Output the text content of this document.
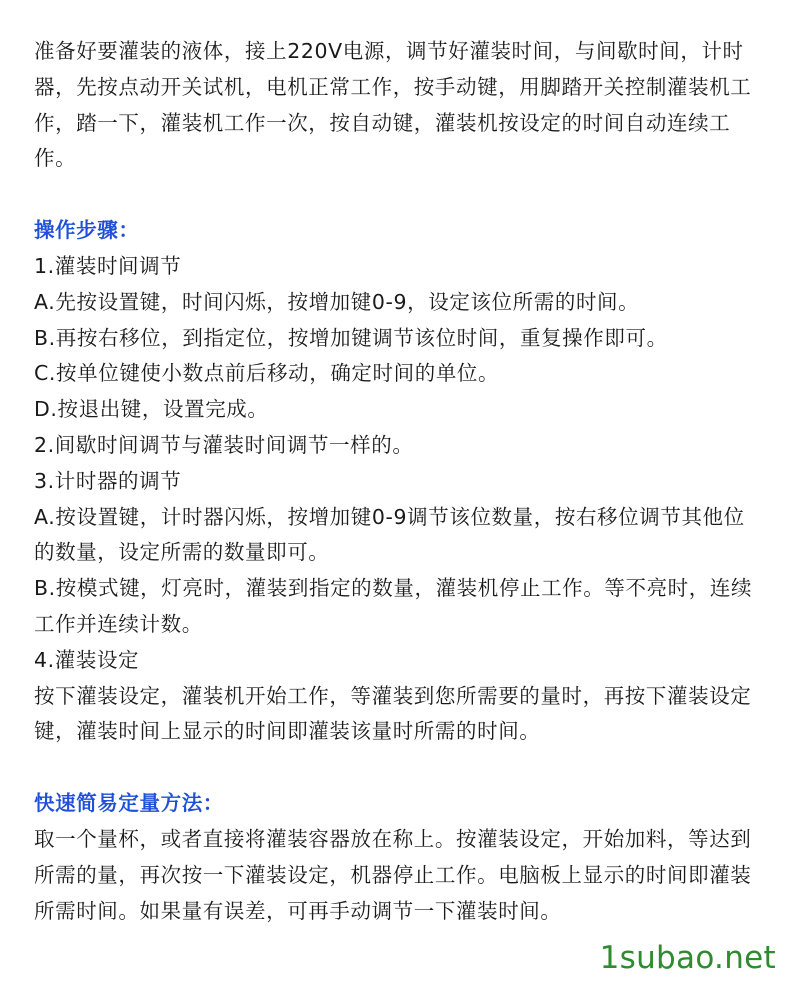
准备好要灌装的液体，接上220V电源，调节好灌装时间，与间歇时间，计时器，先按点动开关试机，电机正常工作，按手动键，用脚踏开关控制灌装机工作，踏一下，灌装机工作一次，按自动键，灌装机按设定的时间自动连续工作。

操作步骤：

1.灌装时间调节

A.先按设置键，时间闪烁，按增加键0-9，设定该位所需的时间。

B.再按右移位，到指定位，按增加键调节该位时间，重复操作即可。

C.按单位键使小数点前后移动，确定时间的单位。

D.按退出键，设置完成。

2.间歇时间调节与灌装时间调节一样的。

3.计时器的调节

A.按设置键，计时器闪烁，按增加键0-9调节该位数量，按右移位调节其他位的数量，设定所需的数量即可。

B.按模式键，灯亮时，灌装到指定的数量，灌装机停止工作。等不亮时，连续工作并连续计数。

4.灌装设定

按下灌装设定，灌装机开始工作，等灌装到您所需要的量时，再按下灌装设定键，灌装时间上显示的时间即灌装该量时所需的时间。

快速简易定量方法：

取一个量杯，或者直接将灌装容器放在称上。按灌装设定，开始加料，等达到所需的量，再次按一下灌装设定，机器停止工作。电脑板上显示的时间即灌装所需时间。如果量有误差，可再手动调节一下灌装时间。

1subao.net
